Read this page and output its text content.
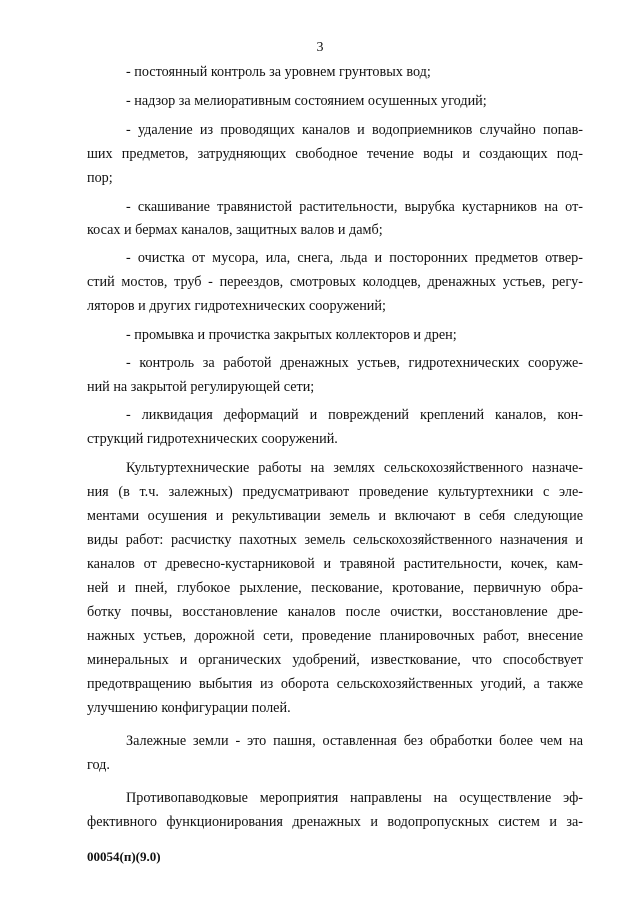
3
- постоянный контроль за уровнем грунтовых вод;
- надзор за мелиоративным состоянием осушенных угодий;
- удаление из проводящих каналов и водоприемников случайно попав-
ших предметов, затрудняющих свободное течение воды и создающих под-
пор;
- скашивание травянистой растительности, вырубка кустарников на от-
косах и бермах каналов, защитных валов и дамб;
- очистка от мусора, ила, снега, льда и посторонних предметов отвер-
стий мостов, труб - переездов, смотровых колодцев, дренажных устьев, регу-
ляторов и других гидротехнических сооружений;
- промывка и прочистка закрытых коллекторов и дрен;
- контроль за работой дренажных устьев, гидротехнических сооруже-
ний на закрытой регулирующей сети;
- ликвидация деформаций и повреждений креплений каналов, кон-
струкций гидротехнических сооружений.
Культуртехнические работы на землях сельскохозяйственного назначе-
ния (в т.ч. залежных) предусматривают проведение культуртехники с эле-
ментами осушения и рекультивации земель и включают в себя следующие
виды работ: расчистку пахотных земель сельскохозяйственного назначения и
каналов от древесно-кустарниковой и травяной растительности, кочек, кам-
ней и пней, глубокое рыхление, пескование, кротование, первичную обра-
ботку почвы, восстановление каналов после очистки, восстановление дре-
нажных устьев, дорожной сети, проведение планировочных работ, внесение
минеральных и органических удобрений, известкование, что способствует
предотвращению выбытия из оборота сельскохозяйственных угодий, а также
улучшению конфигурации полей.
Залежные земли - это пашня, оставленная без обработки более чем на
год.
Противопаводковые мероприятия направлены на осуществление эф-
фективного функционирования дренажных и водопропускных систем и за-
00054(п)(9.0)
